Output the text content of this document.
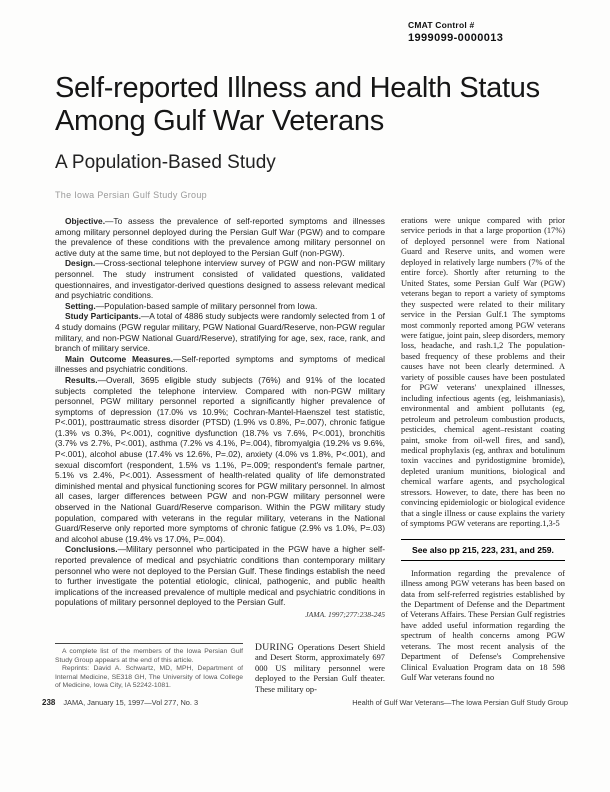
CMAT Control #
1999099-0000013
Self-reported Illness and Health Status
Among Gulf War Veterans
A Population-Based Study
The Iowa Persian Gulf Study Group

Objective.—To assess the prevalence of self-reported symptoms and illnesses among military personnel deployed during the Persian Gulf War (PGW) and to compare the prevalence of these conditions with the prevalence among military personnel on active duty at the same time, but not deployed to the Persian Gulf (non-PGW).

Design.—Cross-sectional telephone interview survey of PGW and non-PGW military personnel. The study instrument consisted of validated questions, validated questionnaires, and investigator-derived questions designed to assess relevant medical and psychiatric conditions.

Setting.—Population-based sample of military personnel from Iowa.

Study Participants.—A total of 4886 study subjects were randomly selected from 1 of 4 study domains (PGW regular military, PGW National Guard/Reserve, non-PGW regular military, and non-PGW National Guard/Reserve), stratifying for age, sex, race, rank, and branch of military service.

Main Outcome Measures.—Self-reported symptoms and symptoms of medical illnesses and psychiatric conditions.

Results.—Overall, 3695 eligible study subjects (76%) and 91% of the located subjects completed the telephone interview. Compared with non-PGW military personnel, PGW military personnel reported a significantly higher prevalence of symptoms of depression (17.0% vs 10.9%; Cochran-Mantel-Haenszel test statistic, P<.001), posttraumatic stress disorder (PTSD) (1.9% vs 0.8%, P=.007), chronic fatigue (1.3% vs 0.3%, P<.001), cognitive dysfunction (18.7% vs 7.6%, P<.001), bronchitis (3.7% vs 2.7%, P<.001), asthma (7.2% vs 4.1%, P=.004), fibromyalgia (19.2% vs 9.6%, P<.001), alcohol abuse (17.4% vs 12.6%, P=.02), anxiety (4.0% vs 1.8%, P<.001), and sexual discomfort (respondent, 1.5% vs 1.1%, P=.009; respondent's female partner, 5.1% vs 2.4%, P<.001). Assessment of health-related quality of life demonstrated diminished mental and physical functioning scores for PGW military personnel. In almost all cases, larger differences between PGW and non-PGW military personnel were observed in the National Guard/Reserve comparison. Within the PGW military study population, compared with veterans in the regular military, veterans in the National Guard/Reserve only reported more symptoms of chronic fatigue (2.9% vs 1.0%, P=.03) and alcohol abuse (19.4% vs 17.0%, P=.004).

Conclusions.—Military personnel who participated in the PGW have a higher self-reported prevalence of medical and psychiatric conditions than contemporary military personnel who were not deployed to the Persian Gulf. These findings establish the need to further investigate the potential etiologic, clinical, pathogenic, and public health implications of the increased prevalence of multiple medical and psychiatric conditions in populations of military personnel deployed to the Persian Gulf.

JAMA. 1997;277:238-245

A complete list of the members of the Iowa Persian Gulf Study Group appears at the end of this article.

Reprints: David A. Schwartz, MD, MPH, Department of Internal Medicine, SE318 GH, The University of Iowa College of Medicine, Iowa City, IA 52242-1081.

DURING Operations Desert Shield and Desert Storm, approximately 697 000 US military personnel were deployed to the Persian Gulf theater. These military op-

erations were unique compared with prior service periods in that a large proportion (17%) of deployed personnel were from National Guard and Reserve units, and women were deployed in relatively large numbers (7% of the entire force). Shortly after returning to the United States, some Persian Gulf War (PGW) veterans began to report a variety of symptoms they suspected were related to their military service in the Persian Gulf.1 The symptoms most commonly reported among PGW veterans were fatigue, joint pain, sleep disorders, memory loss, headache, and rash.1,2 The population-based frequency of these problems and their causes have not been clearly determined. A variety of possible causes have been postulated for PGW veterans' unexplained illnesses, including infectious agents (eg, leishmaniasis), environmental and ambient pollutants (eg, petroleum and petroleum combustion products, pesticides, chemical agent–resistant coating paint, smoke from oil-well fires, and sand), medical prophylaxis (eg, anthrax and botulinum toxin vaccines and pyridostigmine bromide), depleted uranium munitions, biological and chemical warfare agents, and psychological stressors. However, to date, there has been no convincing epidemiologic or biological evidence that a single illness or cause explains the variety of symptoms PGW veterans are reporting.1,3-5

See also pp 215, 223, 231, and 259.

Information regarding the prevalence of illness among PGW veterans has been based on data from self-referred registries established by the Department of Defense and the Department of Veterans Affairs. These Persian Gulf registries have added useful information regarding the spectrum of health concerns among PGW veterans. The most recent analysis of the Department of Defense's Comprehensive Clinical Evaluation Program data on 18 598 Gulf War veterans found no

238 JAMA, January 15, 1997—Vol 277, No. 3	Health of Gulf War Veterans—The Iowa Persian Gulf Study Group
